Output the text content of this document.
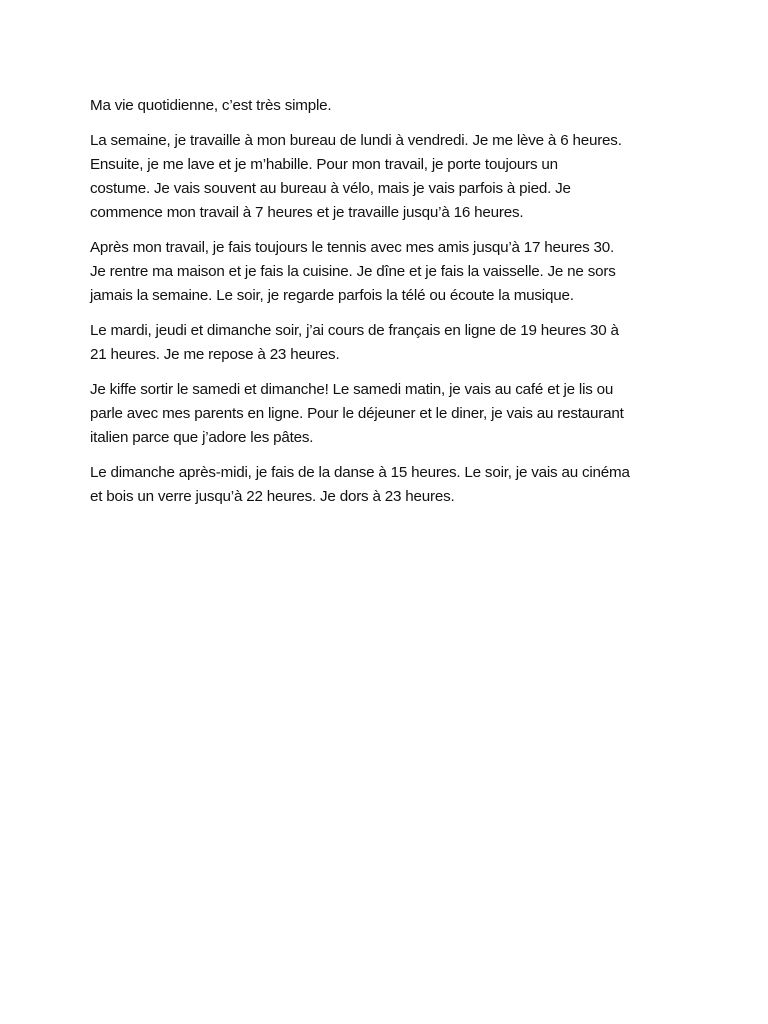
Ma vie quotidienne, c’est très simple.

La semaine, je travaille à mon bureau de lundi à vendredi. Je me lève à 6 heures.
Ensuite, je me lave et je m’habille. Pour mon travail, je porte toujours un
costume. Je vais souvent au bureau à vélo, mais je vais parfois à pied. Je
commence mon travail à 7 heures et je travaille jusqu’à 16 heures.

Après mon travail, je fais toujours le tennis avec mes amis jusqu’à 17 heures 30.
Je rentre ma maison et je fais la cuisine. Je dîne et je fais la vaisselle. Je ne sors
jamais la semaine. Le soir, je regarde parfois la télé ou écoute la musique.

Le mardi, jeudi et dimanche soir, j’ai cours de français en ligne de 19 heures 30 à
21 heures. Je me repose à 23 heures.

Je kiffe sortir le samedi et dimanche! Le samedi matin, je vais au café et je lis ou
parle avec mes parents en ligne. Pour le déjeuner et le diner, je vais au restaurant
italien parce que j’adore les pâtes.

Le dimanche après-midi, je fais de la danse à 15 heures. Le soir, je vais au cinéma
et bois un verre jusqu’à 22 heures. Je dors à 23 heures.
